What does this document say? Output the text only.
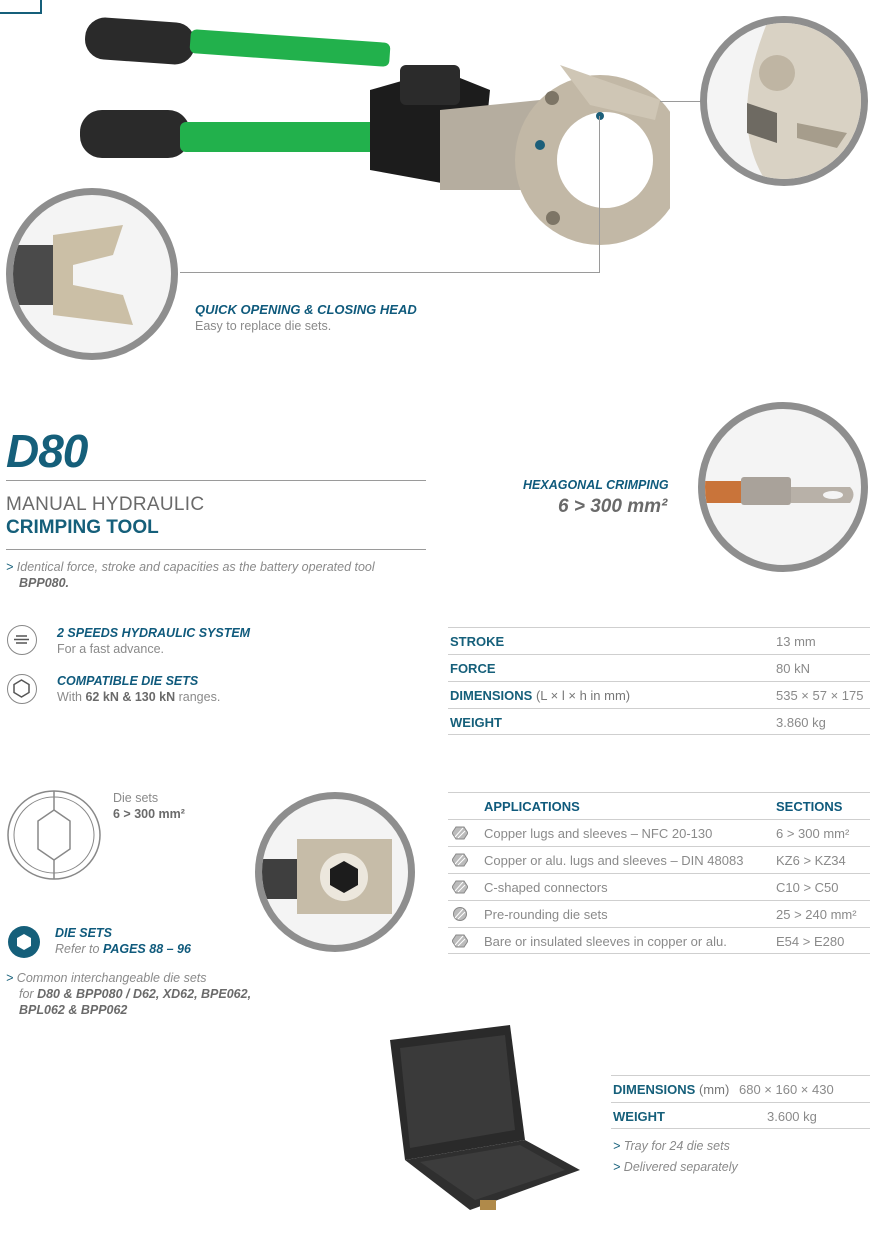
QUICK OPENING & CLOSING HEAD
Easy to replace die sets.
D80
MANUAL HYDRAULIC
CRIMPING TOOL
> Identical force, stroke and capacities as the battery operated tool
BPP080.
HEXAGONAL CRIMPING
6 > 300 mm²
2 SPEEDS HYDRAULIC SYSTEM
For a fast advance.
COMPATIBLE DIE SETS
With 62 kN & 130 kN ranges.
STROKE	13 mm
FORCE	80 kN
DIMENSIONS (L × l × h in mm)	535 × 57 × 175
WEIGHT	3.860 kg
Die sets
6 > 300 mm²
DIE SETS
Refer to PAGES 88 – 96
> Common interchangeable die sets
for D80 & BPP080 / D62, XD62, BPE062,
BPL062 & BPP062
APPLICATIONS	SECTIONS
Copper lugs and sleeves – NFC 20-130	6 > 300 mm²
Copper or alu. lugs and sleeves – DIN 48083	KZ6 > KZ34
C-shaped connectors	C10 > C50
Pre-rounding die sets	25 > 240 mm²
Bare or insulated sleeves in copper or alu.	E54 > E280
DIMENSIONS (mm) 680 × 160 × 430
WEIGHT	3.600 kg
> Tray for 24 die sets
> Delivered separately
